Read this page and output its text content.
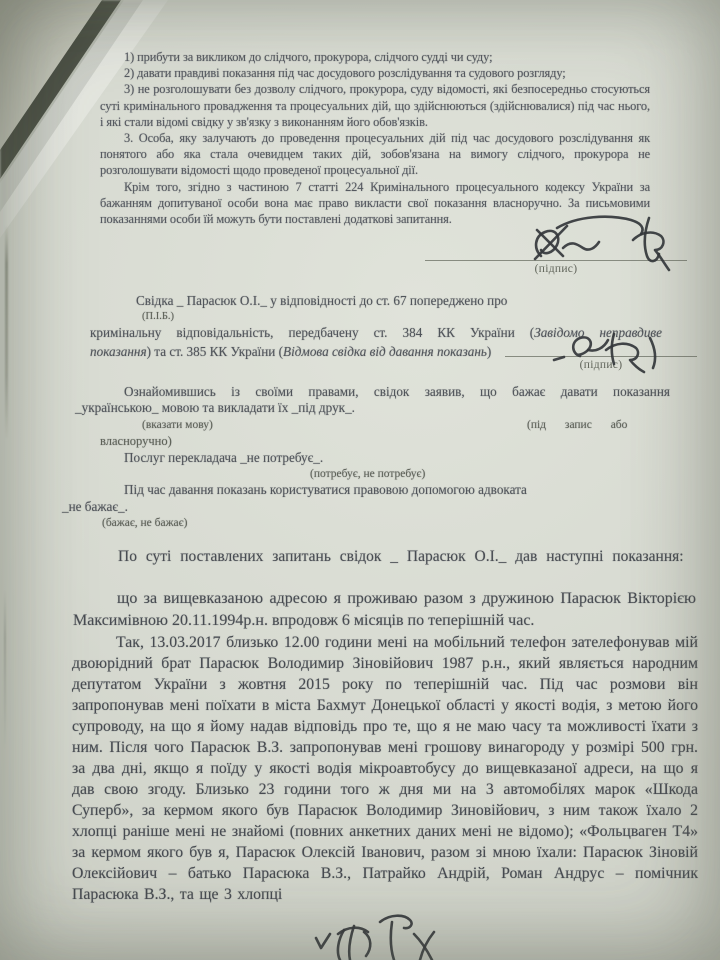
1) прибути за викликом до слідчого, прокурора, слідчого судді чи суду;

2) давати правдиві показання під час досудового розслідування та судового розгляду;

3) не розголошувати без дозволу слідчого, прокурора, суду відомості, які безпосередньо стосуються суті кримінального провадження та процесуальних дій, що здійснюються (здійснювалися) під час нього, і які стали відомі свідку у зв'язку з виконанням його обов'язків.

3. Особа, яку залучають до проведення процесуальних дій під час досудового розслідування як понятого або яка стала очевидцем таких дій, зобов'язана на вимогу слідчого, прокурора не розголошувати відомості щодо проведеної процесуальної дії.

Крім того, згідно з частиною 7 статті 224 Кримінального процесуального кодексу України за бажанням допитуваної особи вона має право викласти свої показання власноручно. За письмовими показаннями особи їй можуть бути поставлені додаткові запитання.

(підпис)

Свідка _ Парасюк О.І._ у відповідності до ст. 67 попереджено про

(П.І.Б.)

кримінальну відповідальність, передбачену ст. 384 КК України (Завідомо неправдиве

показання) та ст. 385 КК України (Відмова свідка від давання показань)

(підпис)
Ознайомившись із своїми правами, свідок заявив, що бажає давати показання
_українською_ мовою та викладати їх _під друк_.
(вказати мову)	(під запис або
власноручно)
Послуг перекладача _не потребує_.
(потребує, не потребує)
Під час давання показань користуватися правовою допомогою адвоката
_не бажає_.
(бажає, не бажає)

По суті поставлених запитань свідок _ Парасюк О.І._ дав наступні показання:

що за вищевказаною адресою я проживаю разом з дружиною Парасюк Вікторією Максимівною 20.11.1994р.н. впродовж 6 місяців по теперішній час.

Так, 13.03.2017 близько 12.00 години мені на мобільний телефон зателефонував мій двоюрідний брат Парасюк Володимир Зіновійович 1987 р.н., який являється народним депутатом України з жовтня 2015 року по теперішній час. Під час розмови він запропонував мені поїхати в міста Бахмут Донецької області у якості водія, з метою його супроводу, на що я йому надав відповідь про те, що я не маю часу та можливості їхати з ним. Після чого Парасюк В.З. запропонував мені грошову винагороду у розмірі 500 грн. за два дні, якщо я поїду у якості водія мікроавтобусу до вищевказаної адреси, на що я дав свою згоду. Близько 23 години того ж дня ми на 3 автомобілях марок «Шкода Суперб», за кермом якого був Парасюк Володимир Зиновійович, з ним також їхало 2 хлопці раніше мені не знайомі (повних анкетних даних мені не відомо); «Фольцваген Т4» за кермом якого був я, Парасюк Олексій Іванович, разом зі мною їхали: Парасюк Зіновій Олексійович – батько Парасюка В.З., Патрайко Андрій, Роман Андрус – помічник Парасюка В.З., та ще 3 хлопці
